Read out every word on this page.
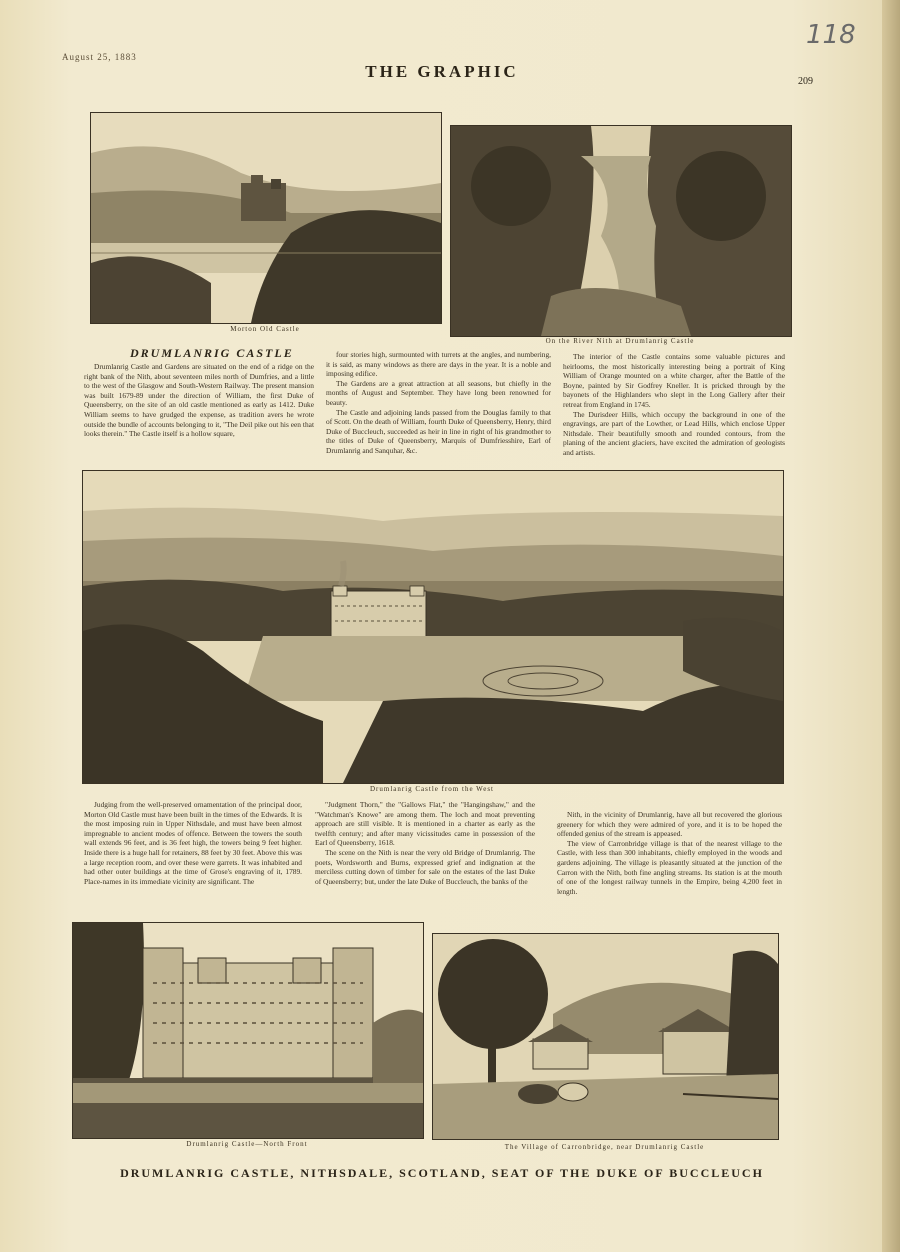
118
August 25, 1883
THE GRAPHIC
209
Morton Old Castle
On the River Nith at Drumlanrig Castle
DRUMLANRIG CASTLE

Drumlanrig Castle and Gardens are situated on the end of a ridge on the right bank of the Nith, about seventeen miles north of Dumfries, and a little to the west of the Glasgow and South-Western Railway. The present mansion was built 1679-89 under the direction of William, the first Duke of Queensberry, on the site of an old castle mentioned as early as 1412. Duke William seems to have grudged the expense, as tradition avers he wrote outside the bundle of accounts belonging to it, "The Deil pike out his een that looks therein." The Castle itself is a hollow square,

four stories high, surmounted with turrets at the angles, and numbering, it is said, as many windows as there are days in the year. It is a noble and imposing edifice.

The Gardens are a great attraction at all seasons, but chiefly in the months of August and September. They have long been renowned for beauty.

The Castle and adjoining lands passed from the Douglas family to that of Scott. On the death of William, fourth Duke of Queensberry, Henry, third Duke of Buccleuch, succeeded as heir in line in right of his grandmother to the titles of Duke of Queensberry, Marquis of Dumfriesshire, Earl of Drumlanrig and Sanquhar, &c.

The interior of the Castle contains some valuable pictures and heirlooms, the most historically interesting being a portrait of King William of Orange mounted on a white charger, after the Battle of the Boyne, painted by Sir Godfrey Kneller. It is pricked through by the bayonets of the Highlanders who slept in the Long Gallery after their retreat from England in 1745.

The Durisdeer Hills, which occupy the background in one of the engravings, are part of the Lowther, or Lead Hills, which enclose Upper Nithsdale. Their beautifully smooth and rounded contours, from the planing of the ancient glaciers, have excited the admiration of geologists and artists.

Drumlanrig Castle from the West

Judging from the well-preserved ornamentation of the principal door, Morton Old Castle must have been built in the times of the Edwards. It is the most imposing ruin in Upper Nithsdale, and must have been almost impregnable to ancient modes of offence. Between the towers the south wall extends 96 feet, and is 36 feet high, the towers being 9 feet higher. Inside there is a huge hall for retainers, 88 feet by 30 feet. Above this was a large reception room, and over these were garrets. It was inhabited and had other outer buildings at the time of Grose's engraving of it, 1789. Place-names in its immediate vicinity are significant. The

"Judgment Thorn," the "Gallows Flat," the "Hangingshaw," and the "Watchman's Knowe" are among them. The loch and moat preventing approach are still visible. It is mentioned in a charter as early as the twelfth century; and after many vicissitudes came in possession of the Earl of Queensberry, 1618.

The scene on the Nith is near the very old Bridge of Drumlanrig. The poets, Wordsworth and Burns, expressed grief and indignation at the merciless cutting down of timber for sale on the estates of the last Duke of Queensberry; but, under the late Duke of Buccleuch, the banks of the

Nith, in the vicinity of Drumlanrig, have all but recovered the glorious greenery for which they were admired of yore, and it is to be hoped the offended genius of the stream is appeased.

The view of Carronbridge village is that of the nearest village to the Castle, with less than 300 inhabitants, chiefly employed in the woods and gardens adjoining. The village is pleasantly situated at the junction of the Carron with the Nith, both fine angling streams. Its station is at the mouth of one of the longest railway tunnels in the Empire, being 4,200 feet in length.

Drumlanrig Castle—North Front	The Village of Carronbridge, near Drumlanrig Castle
DRUMLANRIG CASTLE, NITHSDALE, SCOTLAND, SEAT OF THE DUKE OF BUCCLEUCH
